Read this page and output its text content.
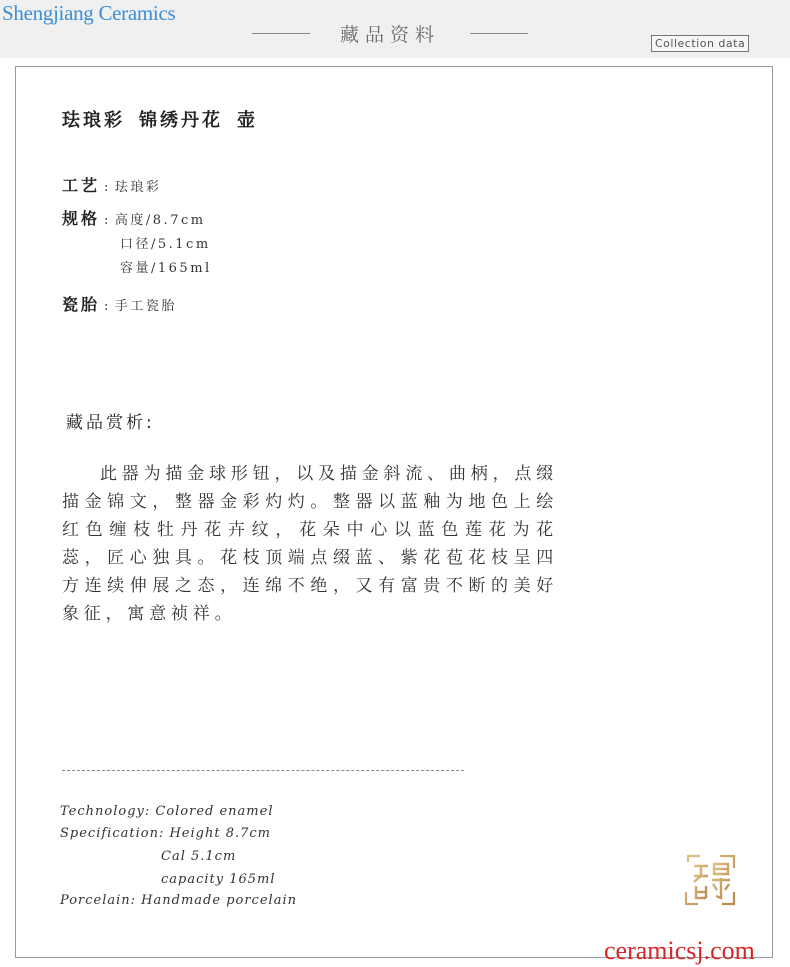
Shengjiang Ceramics
藏品资料	Collection data
珐琅彩 锦绣丹花 壶
工艺 : 珐琅彩
规格 : 高度/8.7cm
口径/5.1cm
容量/165ml
瓷胎 : 手工瓷胎
藏品赏析:
此器为描金球形钮，以及描金斜流、曲柄，点缀描金锦文，整器金彩灼灼。整器以蓝釉为地色上绘红色缠枝牡丹花卉纹，花朵中心以蓝色莲花为花蕊，匠心独具。花枝顶端点缀蓝、紫花苞花枝呈四方连续伸展之态，连绵不绝，又有富贵不断的美好象征，寓意祯祥。
Technology: Colored enamel
Specification: Height 8.7cm
Cal 5.1cm
capacity 165ml
Porcelain: Handmade porcelain
ceramicsj.com
